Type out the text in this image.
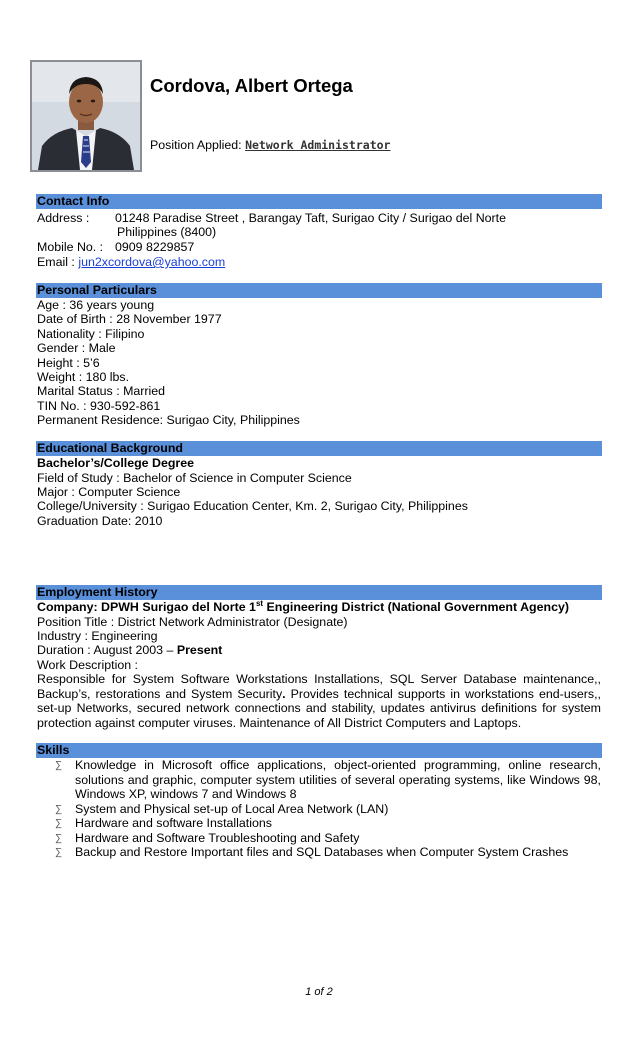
Cordova, Albert Ortega
Position Applied: Network Administrator
Contact Info
Address : 01248 Paradise Street , Barangay Taft, Surigao City / Surigao del Norte
Philippines (8400)
Mobile No. : 0909 8229857
Email : jun2xcordova@yahoo.com
Personal Particulars
Age : 36 years young
Date of Birth : 28 November 1977
Nationality : Filipino
Gender : Male
Height : 5’6
Weight : 180 lbs.
Marital Status : Married
TIN No. : 930-592-861
Permanent Residence: Surigao City, Philippines
Educational Background
Bachelor’s/College Degree
Field of Study : Bachelor of Science in Computer Science
Major : Computer Science
College/University : Surigao Education Center, Km. 2, Surigao City, Philippines
Graduation Date: 2010
Employment History
Company: DPWH Surigao del Norte 1st Engineering District (National Government Agency)
Position Title : District Network Administrator (Designate)
Industry : Engineering
Duration : August 2003 – Present
Work Description :
Responsible for System Software Workstations Installations, SQL Server Database maintenance,, Backup’s, restorations and System Security. Provides technical supports in workstations end-users,, set-up Networks, secured network connections and stability, updates antivirus definitions for system protection against computer viruses. Maintenance of All District Computers and Laptops.
Skills
∑ Knowledge in Microsoft office applications, object-oriented programming, online research, solutions and graphic, computer system utilities of several operating systems, like Windows 98, Windows XP, windows 7 and Windows 8
∑ System and Physical set-up of Local Area Network (LAN)
∑ Hardware and software Installations
∑ Hardware and Software Troubleshooting and Safety
∑ Backup and Restore Important files and SQL Databases when Computer System Crashes
1 of 2
